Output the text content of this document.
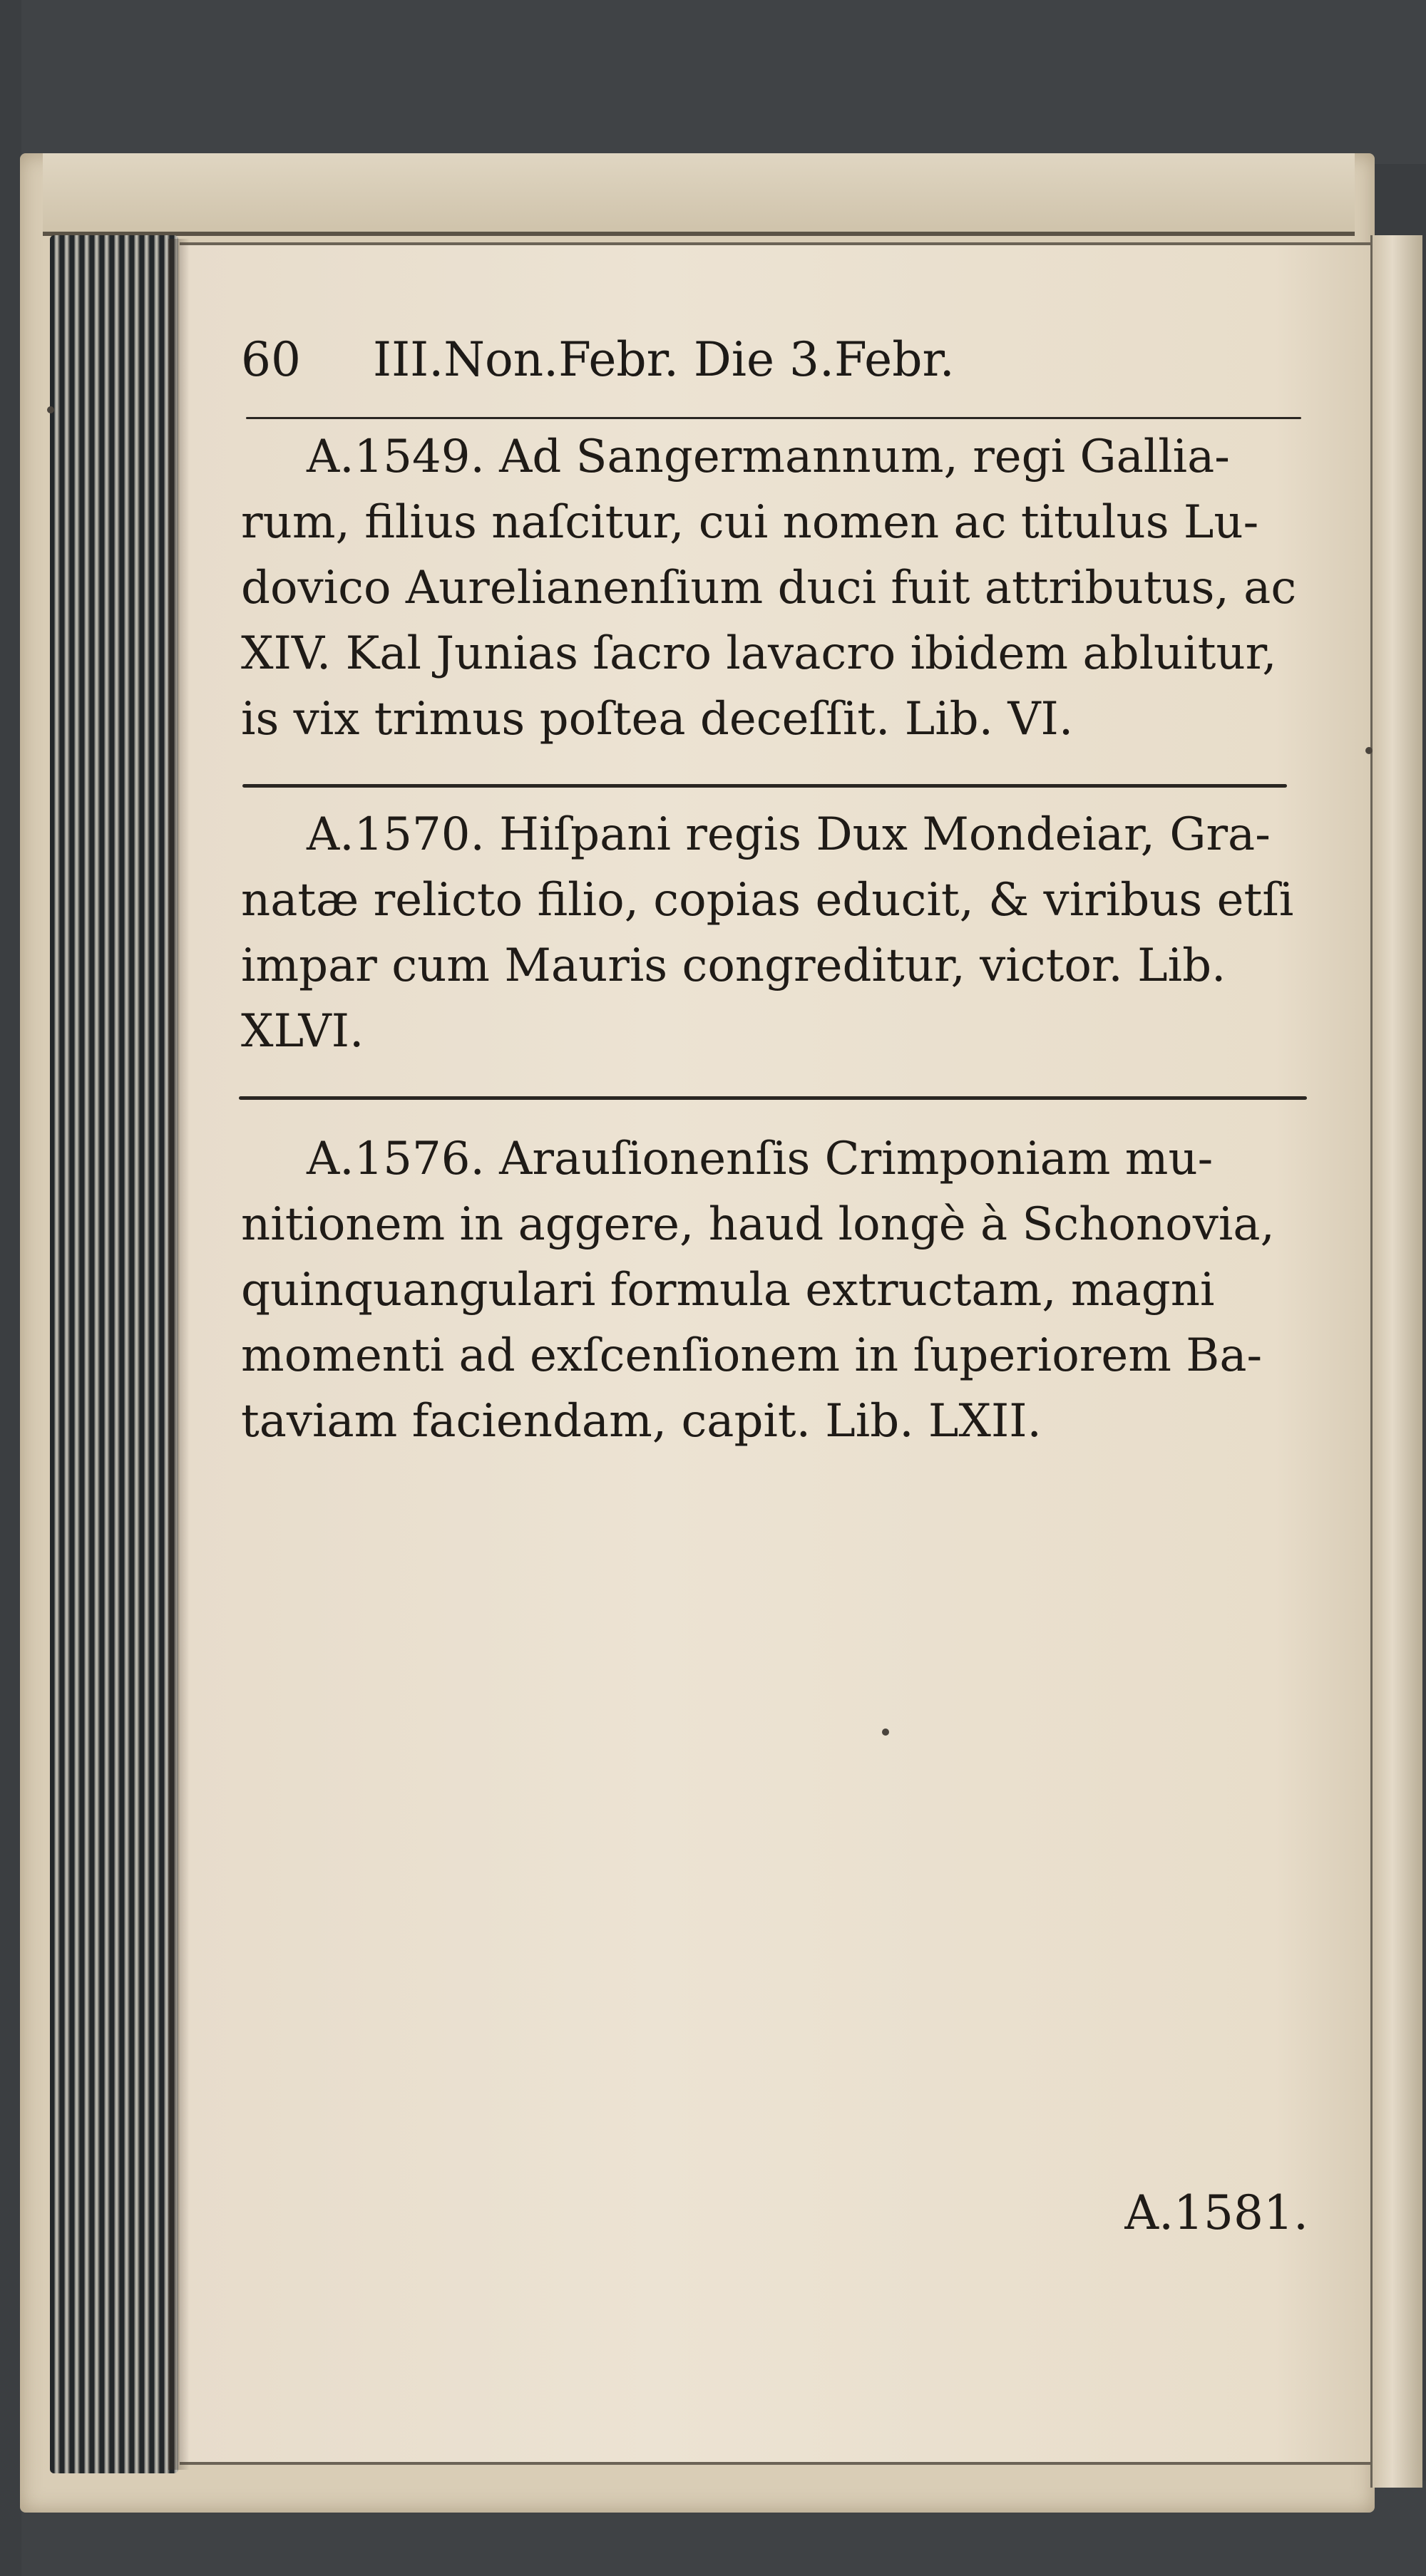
60 III.Non.Febr. Die 3.Febr.
A.1549. Ad Sangermannum, regi Gallia-
rum, filius naſcitur, cui nomen ac titulus Lu-
dovico Aurelianenſium duci fuit attributus, ac
XIV. Kal Junias ſacro lavacro ibidem abluitur,
is vix trimus poſtea deceſſit. Lib. VI.
A.1570. Hiſpani regis Dux Mondeiar, Gra-
natæ relicto filio, copias educit, & viribus etſi
impar cum Mauris congreditur, victor. Lib.
XLVI.
A.1576. Arauſionenſis Crimponiam mu-
nitionem in aggere, haud longè à Schonovia,
quinquangulari formula extructam, magni
momenti ad exſcenſionem in ſuperiorem Ba-
taviam faciendam, capit. Lib. LXII.
A.1581.
